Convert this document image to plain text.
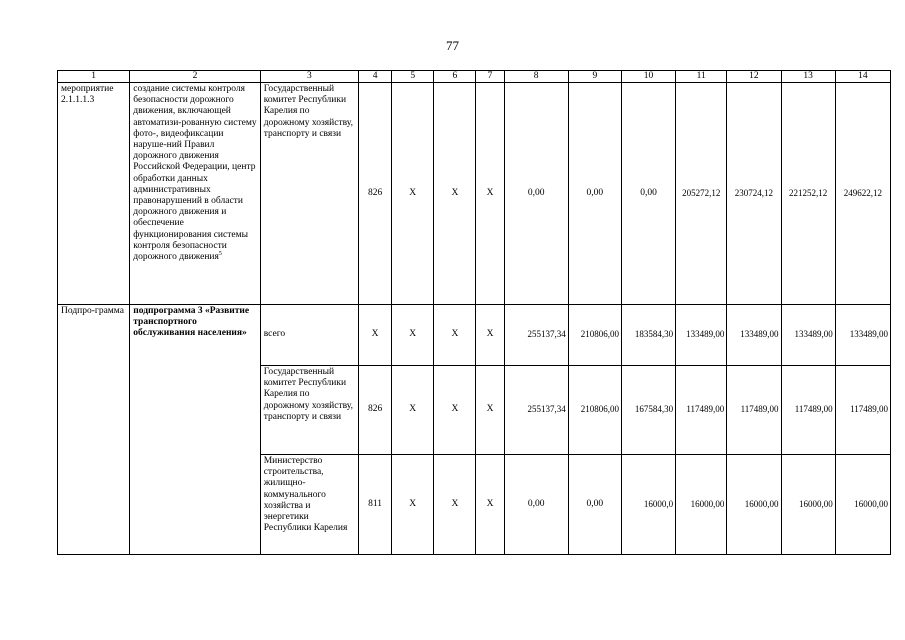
77
1	2	3	4	5	6	7	8	9	10	11	12	13	14
мероприятие 2.1.1.1.3	создание системы контроля безопасности дорожного движения, включающей автоматизи-рованную систему фото-, видеофиксации наруше-ний Правил дорожного движения Российской Федерации, центр обработки данных административных правонарушений в области дорожного движения и обеспечение функционирования системы контроля безопасности дорожного движения$^5$	Государственный комитет Республики Карелия по дорожному хозяйству, транспорту и связи	826	Х	Х	Х	0,00	0,00	0,00	205272,12	230724,12	221252,12	249622,12
Подпро-грамма	подпрограмма 3 «Развитие транспортного обслуживания населения»	всего	Х	Х	Х	Х	255137,34	210806,00	183584,30	133489,00	133489,00	133489,00	133489,00
		Государственный комитет Республики Карелия по дорожному хозяйству, транспорту и связи	826	Х	Х	Х	255137,34	210806,00	167584,30	117489,00	117489,00	117489,00	117489,00
		Министерство строительства, жилищно-коммунального хозяйства и энергетики Республики Карелия	811	Х	Х	Х	0,00	0,00	16000,0	16000,00	16000,00	16000,00	16000,00
